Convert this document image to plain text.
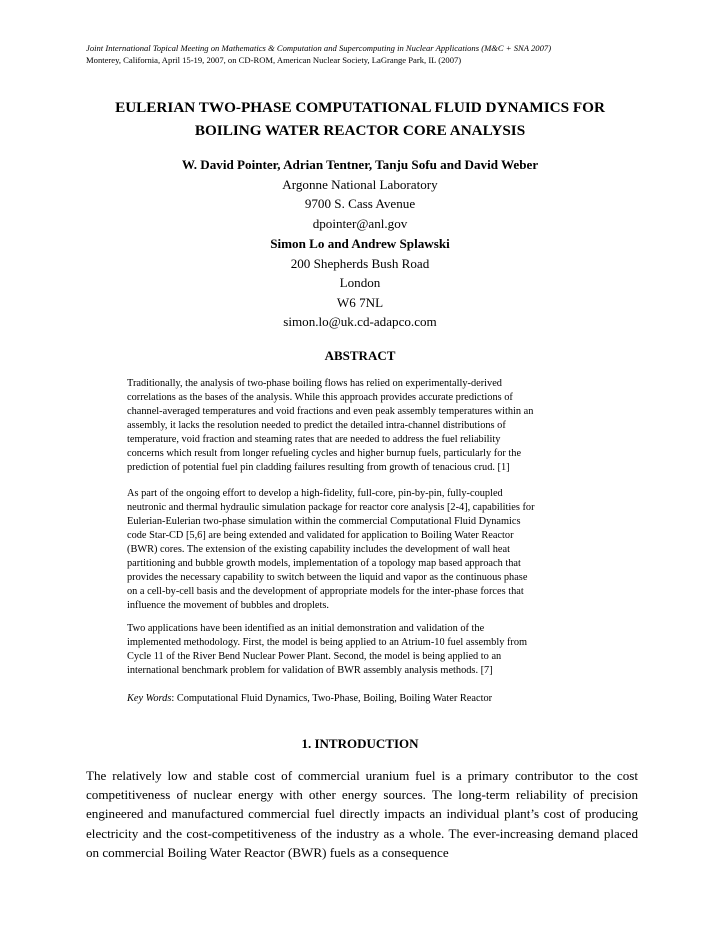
Joint International Topical Meeting on Mathematics & Computation and Supercomputing in Nuclear Applications (M&C + SNA 2007)
Monterey, California, April 15-19, 2007, on CD-ROM, American Nuclear Society, LaGrange Park, IL (2007)
EULERIAN TWO-PHASE COMPUTATIONAL FLUID DYNAMICS FOR
BOILING WATER REACTOR CORE ANALYSIS
W. David Pointer, Adrian Tentner, Tanju Sofu and David Weber
Argonne National Laboratory
9700 S. Cass Avenue
dpointer@anl.gov
Simon Lo and Andrew Splawski
200 Shepherds Bush Road
London
W6 7NL
simon.lo@uk.cd-adapco.com
ABSTRACT
Traditionally, the analysis of two-phase boiling flows has relied on experimentally-derived
correlations as the bases of the analysis. While this approach provides accurate predictions of
channel-averaged temperatures and void fractions and even peak assembly temperatures within an
assembly, it lacks the resolution needed to predict the detailed intra-channel distributions of
temperature, void fraction and steaming rates that are needed to address the fuel reliability
concerns which result from longer refueling cycles and higher burnup fuels, particularly for the
prediction of potential fuel pin cladding failures resulting from growth of tenacious crud. [1]
As part of the ongoing effort to develop a high-fidelity, full-core, pin-by-pin, fully-coupled
neutronic and thermal hydraulic simulation package for reactor core analysis [2-4], capabilities for
Eulerian-Eulerian two-phase simulation within the commercial Computational Fluid Dynamics
code Star-CD [5,6] are being extended and validated for application to Boiling Water Reactor
(BWR) cores. The extension of the existing capability includes the development of wall heat
partitioning and bubble growth models, implementation of a topology map based approach that
provides the necessary capability to switch between the liquid and vapor as the continuous phase
on a cell-by-cell basis and the development of appropriate models for the inter-phase forces that
influence the movement of bubbles and droplets.
Two applications have been identified as an initial demonstration and validation of the
implemented methodology. First, the model is being applied to an Atrium-10 fuel assembly from
Cycle 11 of the River Bend Nuclear Power Plant. Second, the model is being applied to an
international benchmark problem for validation of BWR assembly analysis methods. [7]
Key Words: Computational Fluid Dynamics, Two-Phase, Boiling, Boiling Water Reactor
1. INTRODUCTION
The relatively low and stable cost of commercial uranium fuel is a primary contributor to the cost competitiveness of nuclear energy with other energy sources. The long-term reliability of precision engineered and manufactured commercial fuel directly impacts an individual plant’s cost of producing electricity and the cost-competitiveness of the industry as a whole. The ever-increasing demand placed on commercial Boiling Water Reactor (BWR) fuels as a consequence
